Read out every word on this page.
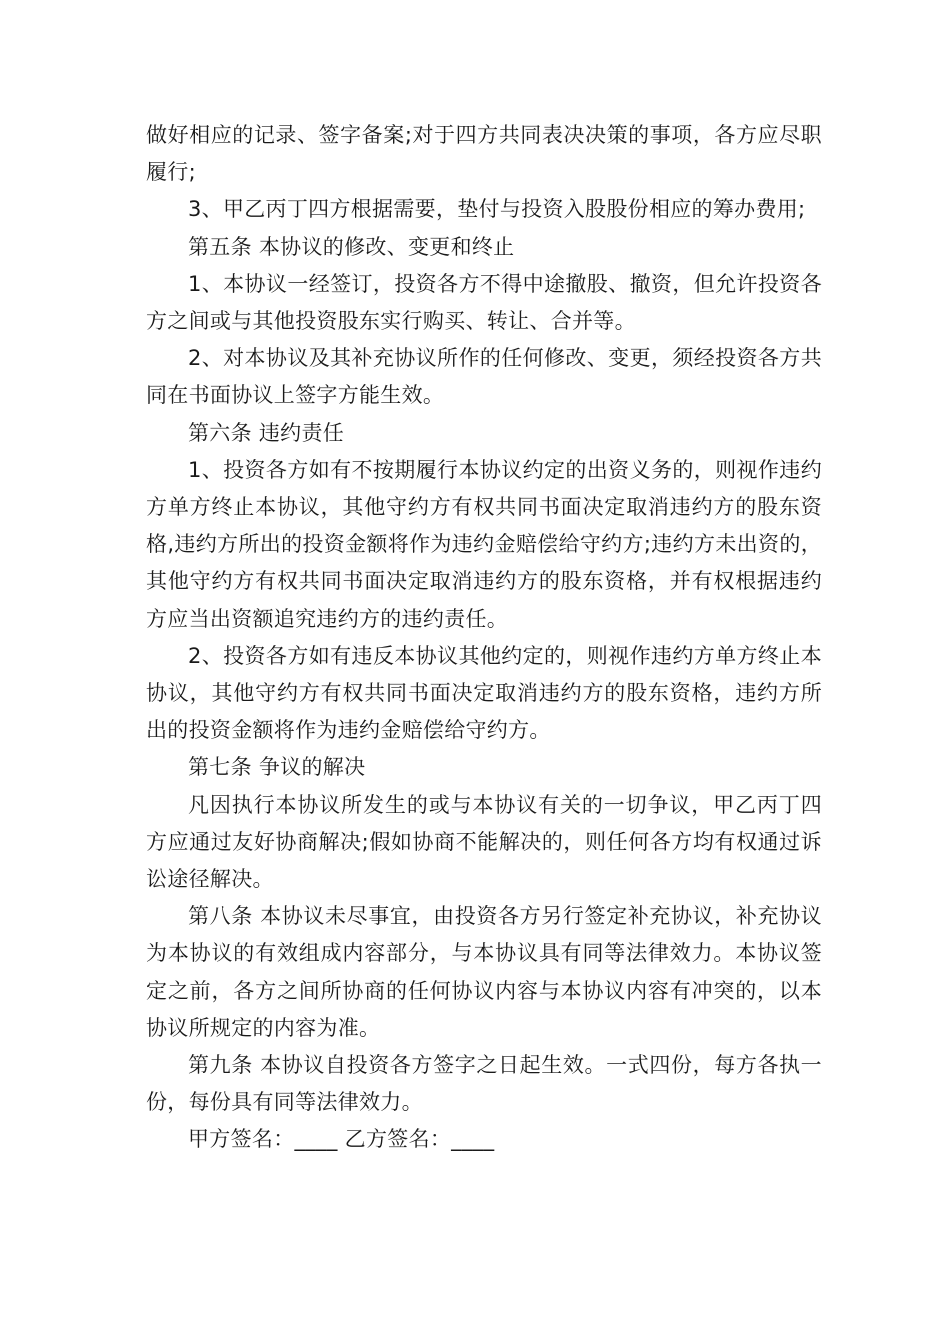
做好相应的记录、签字备案;对于四方共同表决决策的事项，各方应尽职履行;

3、甲乙丙丁四方根据需要，垫付与投资入股股份相应的筹办费用;

第五条 本协议的修改、变更和终止

1、本协议一经签订，投资各方不得中途撤股、撤资，但允许投资各方之间或与其他投资股东实行购买、转让、合并等。

2、对本协议及其补充协议所作的任何修改、变更，须经投资各方共同在书面协议上签字方能生效。

第六条 违约责任

1、投资各方如有不按期履行本协议约定的出资义务的，则视作违约方单方终止本协议，其他守约方有权共同书面决定取消违约方的股东资格,违约方所出的投资金额将作为违约金赔偿给守约方;违约方未出资的，其他守约方有权共同书面决定取消违约方的股东资格，并有权根据违约方应当出资额追究违约方的违约责任。

2、投资各方如有违反本协议其他约定的，则视作违约方单方终止本协议，其他守约方有权共同书面决定取消违约方的股东资格，违约方所出的投资金额将作为违约金赔偿给守约方。

第七条 争议的解决

凡因执行本协议所发生的或与本协议有关的一切争议，甲乙丙丁四方应通过友好协商解决;假如协商不能解决的，则任何各方均有权通过诉讼途径解决。

第八条 本协议未尽事宜，由投资各方另行签定补充协议，补充协议为本协议的有效组成内容部分，与本协议具有同等法律效力。本协议签定之前，各方之间所协商的任何协议内容与本协议内容有冲突的，以本协议所规定的内容为准。

第九条 本协议自投资各方签字之日起生效。一式四份，每方各执一份，每份具有同等法律效力。

甲方签名：____ 乙方签名：____
